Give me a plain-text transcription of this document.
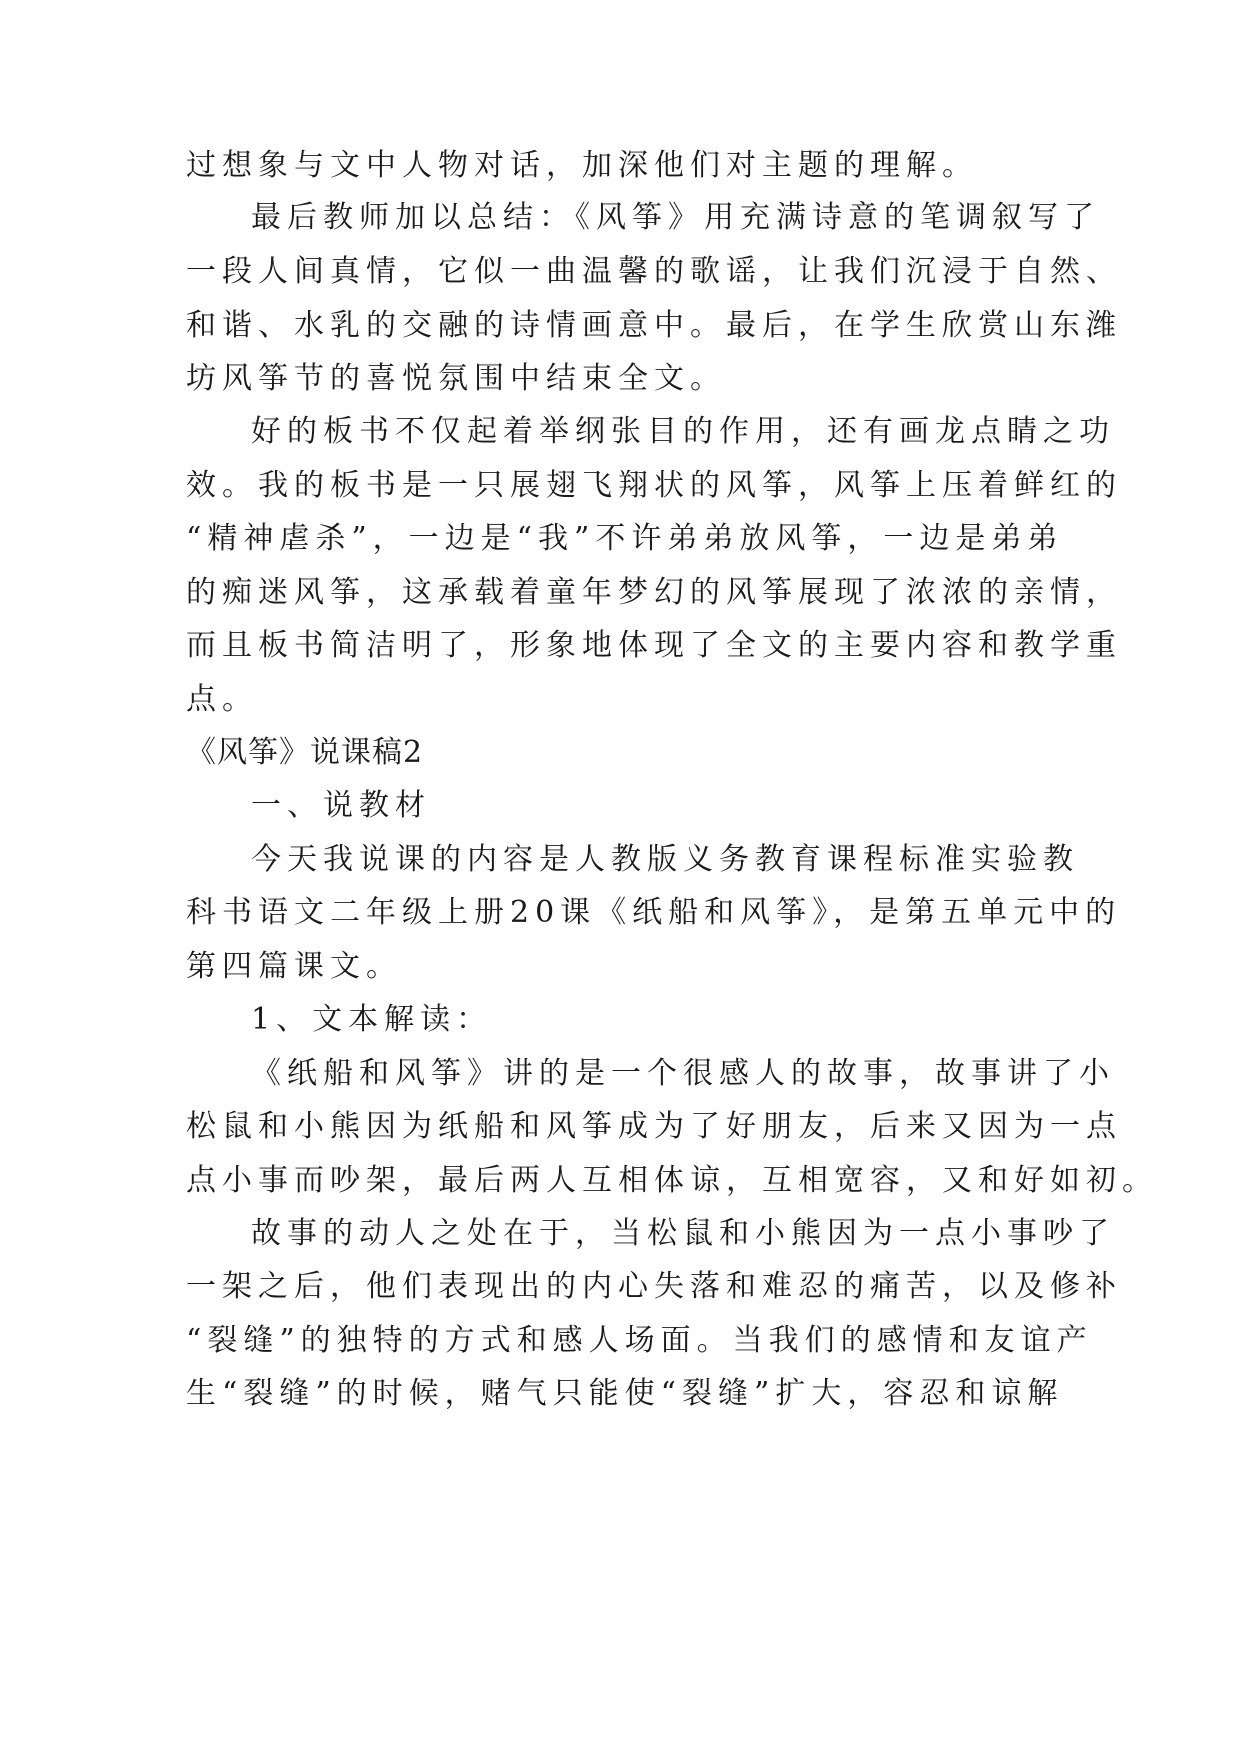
过想象与文中人物对话，加深他们对主题的理解。
最后教师加以总结：《风筝》用充满诗意的笔调叙写了
一段人间真情，它似一曲温馨的歌谣，让我们沉浸于自然、
和谐、水乳的交融的诗情画意中。最后，在学生欣赏山东潍
坊风筝节的喜悦氛围中结束全文。
好的板书不仅起着举纲张目的作用，还有画龙点睛之功
效。我的板书是一只展翅飞翔状的风筝，风筝上压着鲜红的
“精神虐杀”，一边是“我”不许弟弟放风筝，一边是弟弟
的痴迷风筝，这承载着童年梦幻的风筝展现了浓浓的亲情，
而且板书简洁明了，形象地体现了全文的主要内容和教学重
点。
《风筝》说课稿2
一、说教材
今天我说课的内容是人教版义务教育课程标准实验教
科书语文二年级上册20课《纸船和风筝》，是第五单元中的
第四篇课文。
1、文本解读：
《纸船和风筝》讲的是一个很感人的故事，故事讲了小
松鼠和小熊因为纸船和风筝成为了好朋友，后来又因为一点
点小事而吵架，最后两人互相体谅，互相宽容，又和好如初。
故事的动人之处在于，当松鼠和小熊因为一点小事吵了
一架之后，他们表现出的内心失落和难忍的痛苦，以及修补
“裂缝”的独特的方式和感人场面。当我们的感情和友谊产
生“裂缝”的时候，赌气只能使“裂缝”扩大，容忍和谅解
